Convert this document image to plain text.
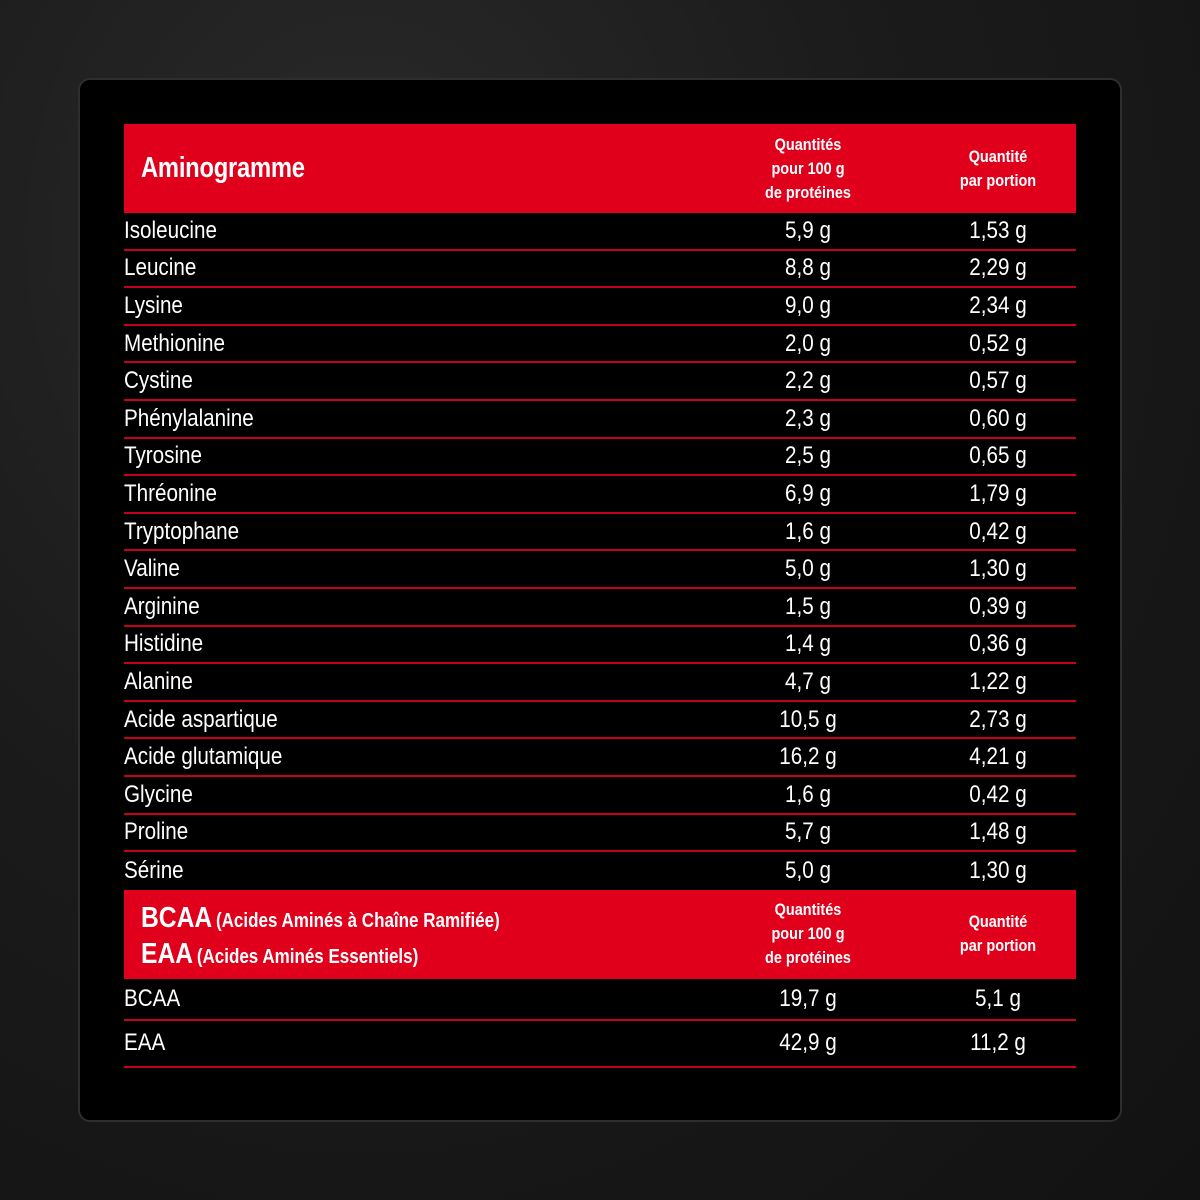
Aminogramme
Quantités
pour 100 g
de protéines
Quantité
par portion
Isoleucine	5,9 g	1,53 g
Leucine	8,8 g	2,29 g
Lysine	9,0 g	2,34 g
Methionine	2,0 g	0,52 g
Cystine	2,2 g	0,57 g
Phénylalanine	2,3 g	0,60 g
Tyrosine	2,5 g	0,65 g
Thréonine	6,9 g	1,79 g
Tryptophane	1,6 g	0,42 g
Valine	5,0 g	1,30 g
Arginine	1,5 g	0,39 g
Histidine	1,4 g	0,36 g
Alanine	4,7 g	1,22 g
Acide aspartique	10,5 g	2,73 g
Acide glutamique	16,2 g	4,21 g
Glycine	1,6 g	0,42 g
Proline	5,7 g	1,48 g
Sérine	5,0 g	1,30 g
BCAA (Acides Aminés à Chaîne Ramifiée)
EAA (Acides Aminés Essentiels)
Quantités
pour 100 g
de protéines
Quantité
par portion
BCAA	19,7 g	5,1 g
EAA	42,9 g	11,2 g
